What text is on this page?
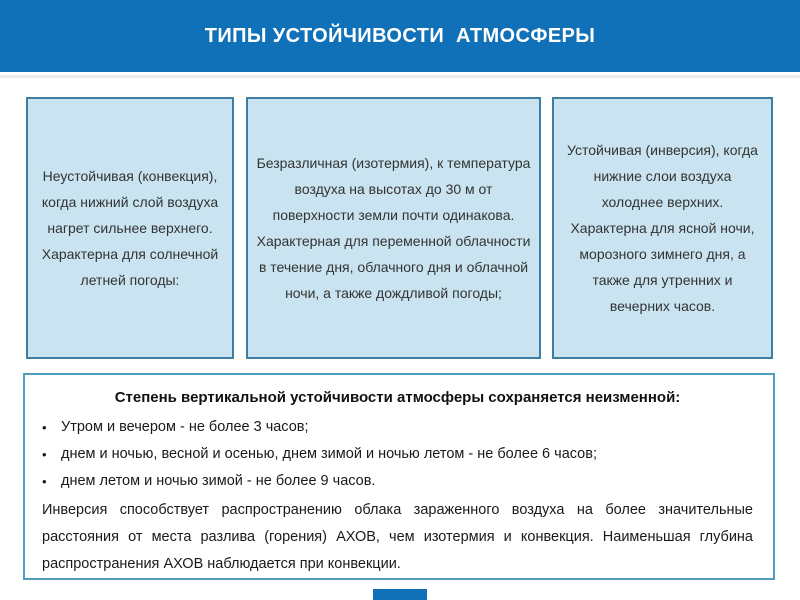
ТИПЫ УСТОЙЧИВОСТИ  АТМОСФЕРЫ

Неустойчивая (конвекция), когда нижний слой воздуха нагрет сильнее верхнего. Характерна для солнечной летней погоды:

Безразличная (изотермия), к температура воздуха на высотах до 30 м от поверхности земли почти одинакова. Характерная для переменной облачности в течение дня, облачного дня и облачной ночи, а также дождливой погоды;

Устойчивая (инверсия), когда нижние слои воздуха холоднее верхних. Характерна для ясной ночи, морозного зимнего дня, а также для утренних и вечерних часов.

Степень вертикальной устойчивости атмосферы сохраняется неизменной:

• Утром и вечером - не более 3 часов;
• днем и ночью, весной и осенью, днем зимой и ночью летом - не более 6 часов;
• днем летом и ночью зимой - не более 9 часов.

Инверсия способствует распространению облака зараженного воздуха на более значительные расстояния от места разлива (горения) АХОВ, чем изотермия и конвекция. Наименьшая глубина распространения АХОВ наблюдается при конвекции.
